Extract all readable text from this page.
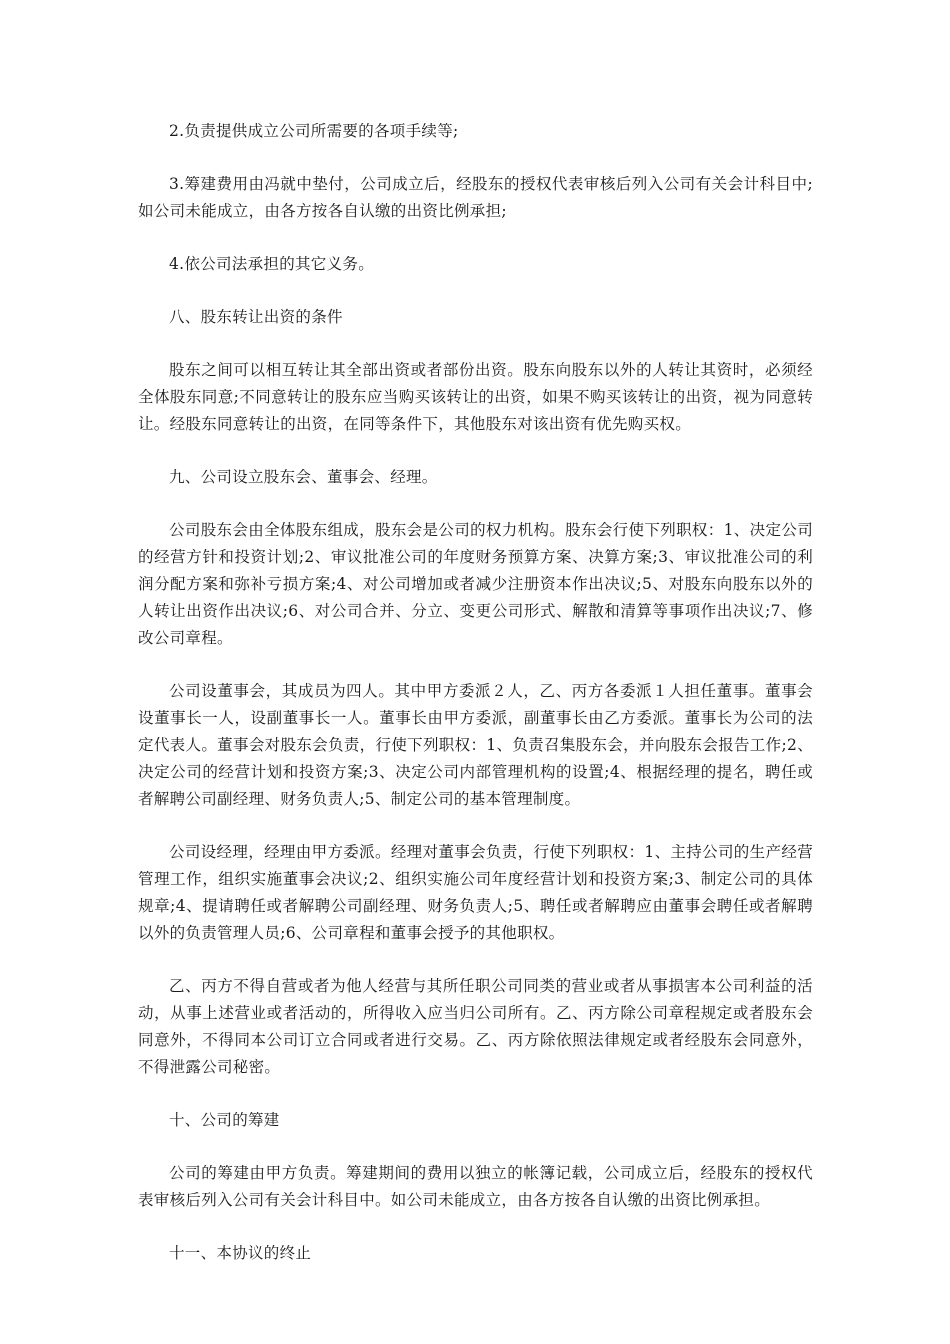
2.负责提供成立公司所需要的各项手续等;

3.筹建费用由冯就中垫付，公司成立后，经股东的授权代表审核后列入公司有关会计科目中;如公司未能成立，由各方按各自认缴的出资比例承担;

4.依公司法承担的其它义务。

八、股东转让出资的条件

股东之间可以相互转让其全部出资或者部份出资。股东向股东以外的人转让其资时，必须经全体股东同意;不同意转让的股东应当购买该转让的出资，如果不购买该转让的出资，视为同意转让。经股东同意转让的出资，在同等条件下，其他股东对该出资有优先购买权。

九、公司设立股东会、董事会、经理。

公司股东会由全体股东组成，股东会是公司的权力机构。股东会行使下列职权：1、决定公司的经营方针和投资计划;2、审议批准公司的年度财务预算方案、决算方案;3、审议批准公司的利润分配方案和弥补亏损方案;4、对公司增加或者减少注册资本作出决议;5、对股东向股东以外的人转让出资作出决议;6、对公司合并、分立、变更公司形式、解散和清算等事项作出决议;7、修改公司章程。

公司设董事会，其成员为四人。其中甲方委派２人，乙、丙方各委派１人担任董事。董事会设董事长一人，设副董事长一人。董事长由甲方委派，副董事长由乙方委派。董事长为公司的法定代表人。董事会对股东会负责，行使下列职权：1、负责召集股东会，并向股东会报告工作;2、决定公司的经营计划和投资方案;3、决定公司内部管理机构的设置;4、根据经理的提名，聘任或者解聘公司副经理、财务负责人;5、制定公司的基本管理制度。

公司设经理，经理由甲方委派。经理对董事会负责，行使下列职权：1、主持公司的生产经营管理工作，组织实施董事会决议;2、组织实施公司年度经营计划和投资方案;3、制定公司的具体规章;4、提请聘任或者解聘公司副经理、财务负责人;5、聘任或者解聘应由董事会聘任或者解聘以外的负责管理人员;6、公司章程和董事会授予的其他职权。

乙、丙方不得自营或者为他人经营与其所任职公司同类的营业或者从事损害本公司利益的活动，从事上述营业或者活动的，所得收入应当归公司所有。乙、丙方除公司章程规定或者股东会同意外，不得同本公司订立合同或者进行交易。乙、丙方除依照法律规定或者经股东会同意外，不得泄露公司秘密。

十、公司的筹建

公司的筹建由甲方负责。筹建期间的费用以独立的帐簿记载，公司成立后，经股东的授权代表审核后列入公司有关会计科目中。如公司未能成立，由各方按各自认缴的出资比例承担。

十一、本协议的终止
